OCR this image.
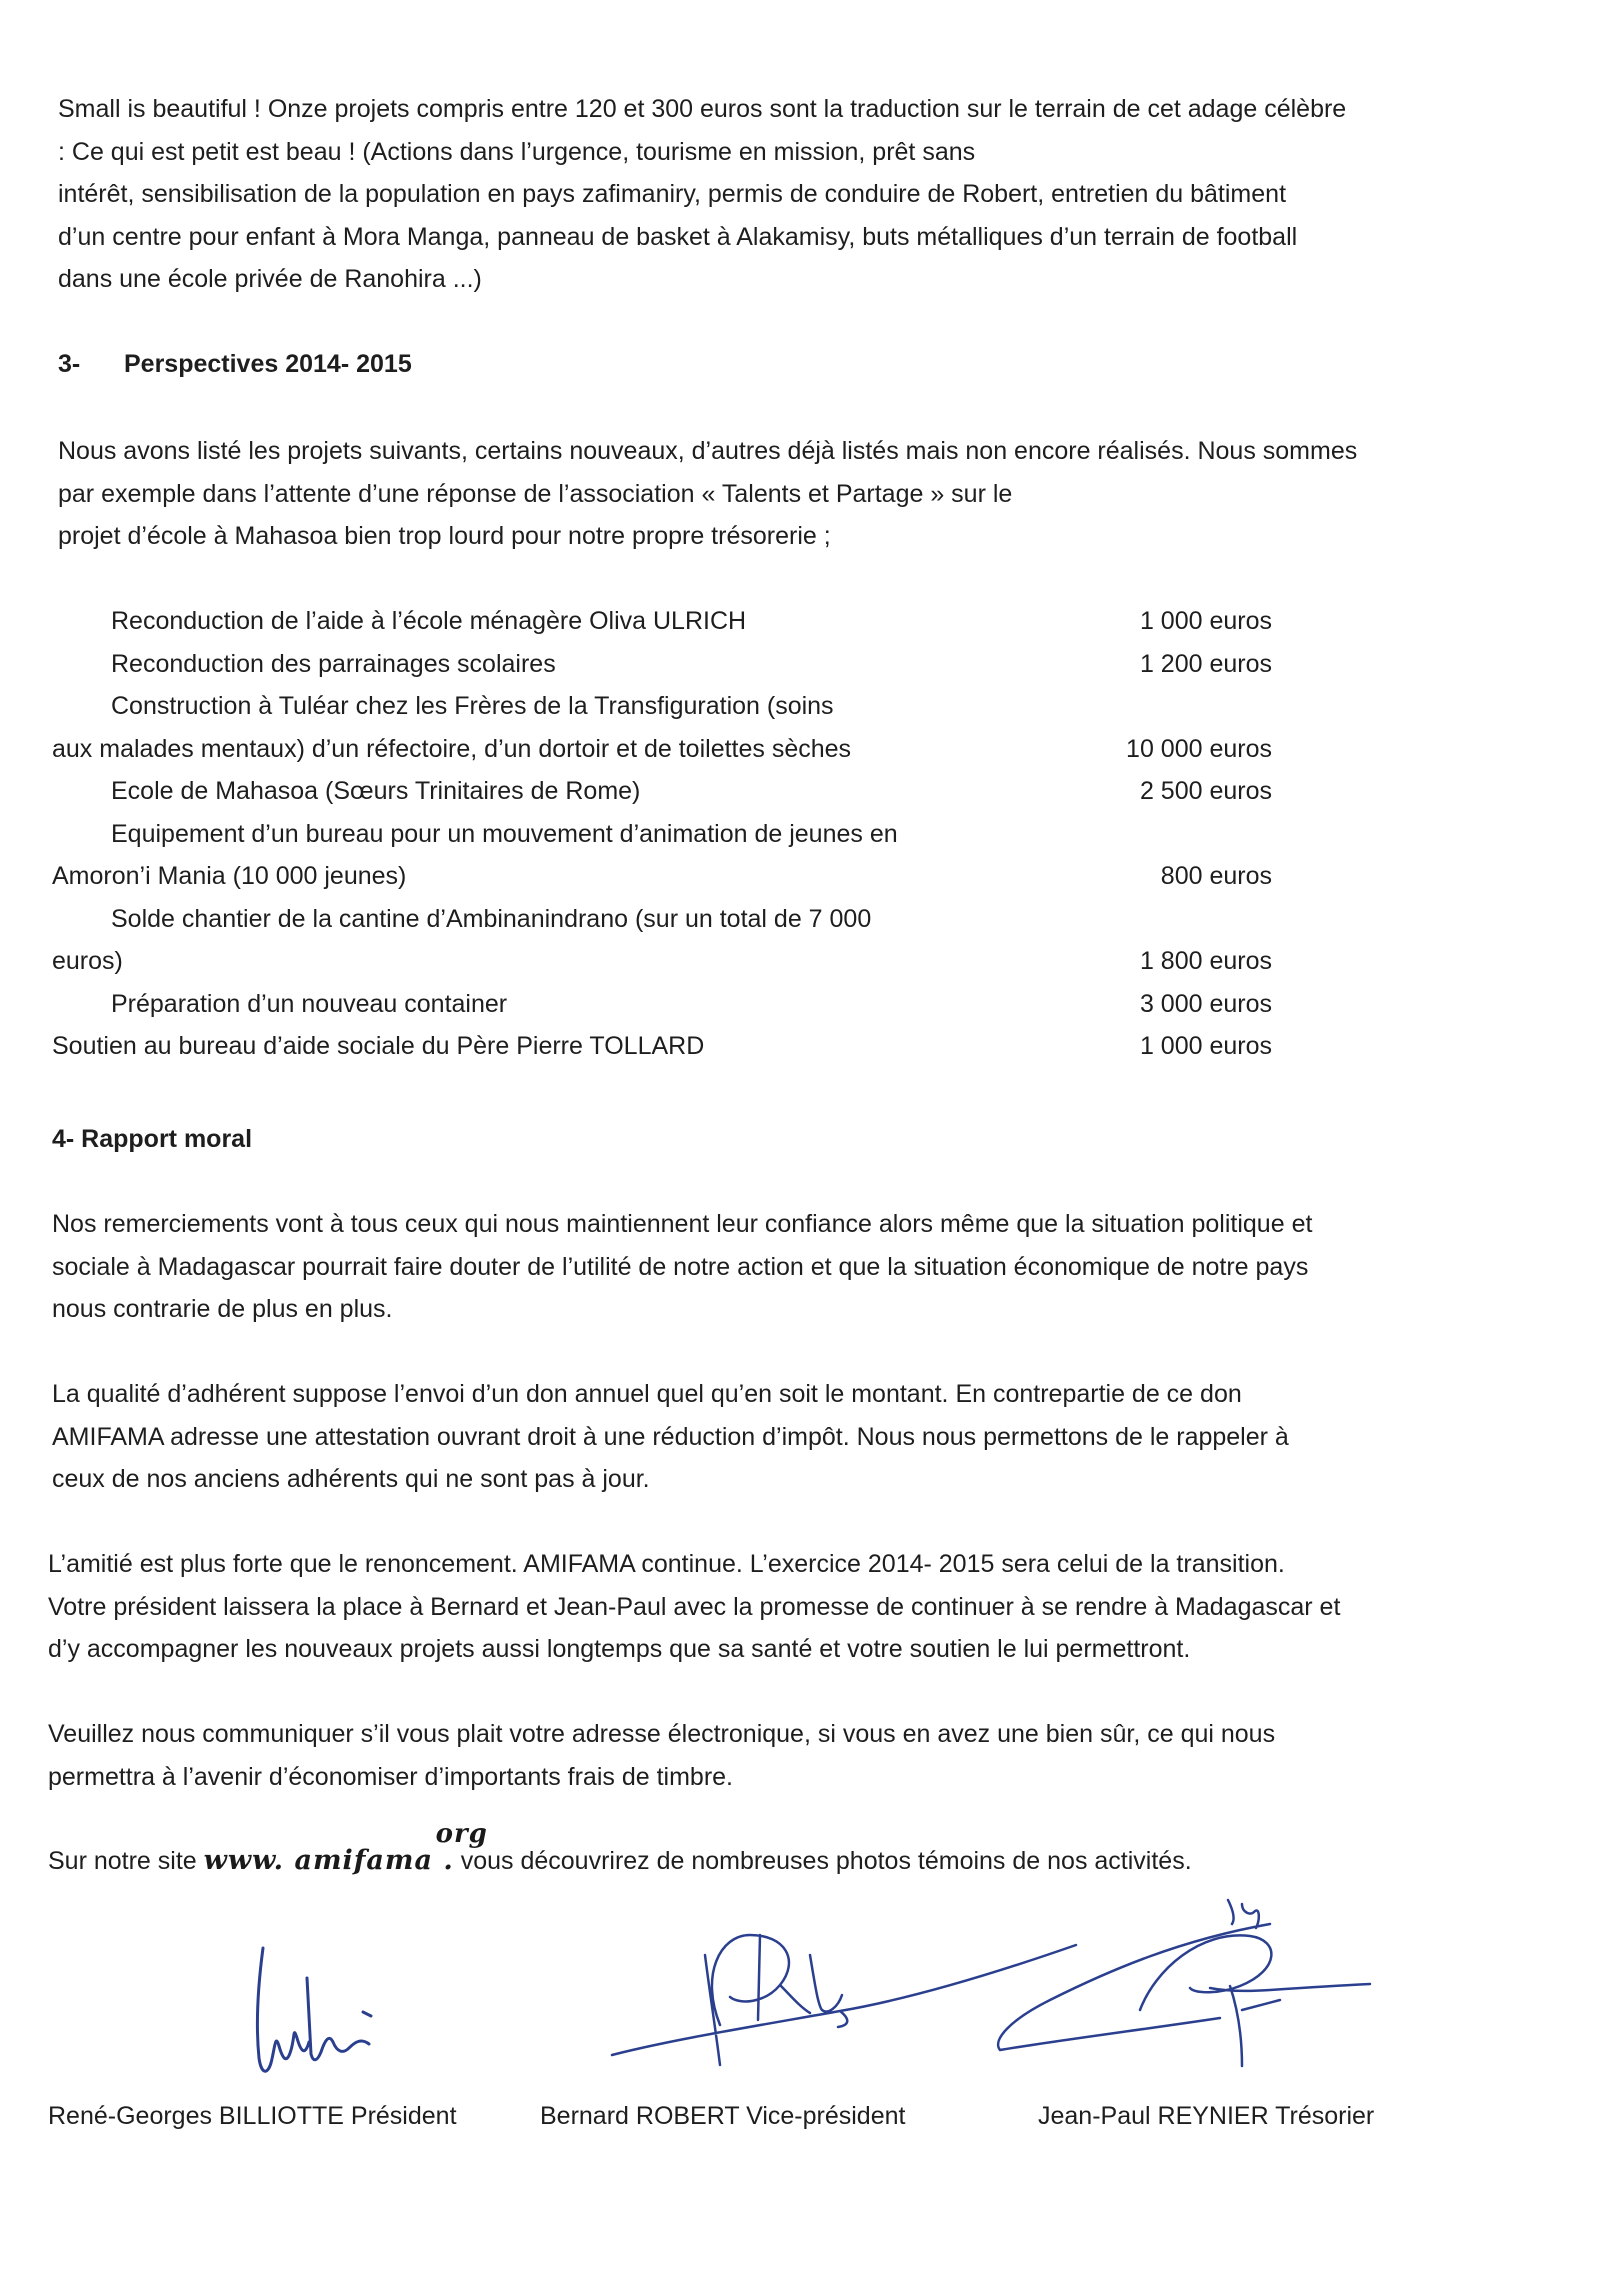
Small is beautiful ! Onze projets compris entre 120 et 300 euros sont la traduction sur le terrain de cet adage célèbre
: Ce qui est petit est beau ! (Actions dans l’urgence, tourisme en mission, prêt sans
intérêt, sensibilisation de la population en pays zafimaniry, permis de conduire de Robert, entretien du bâtiment
d’un centre pour enfant à Mora Manga, panneau de basket à Alakamisy, buts métalliques d’un terrain de football
dans une école privée de Ranohira ...)
3- Perspectives 2014- 2015
Nous avons listé les projets suivants, certains nouveaux, d’autres déjà listés mais non encore réalisés. Nous sommes
par exemple dans l’attente d’une réponse de l’association « Talents et Partage » sur le
projet d’école à Mahasoa bien trop lourd pour notre propre trésorerie ;
Reconduction de l’aide à l’école ménagère Oliva ULRICH	1 000 euros
Reconduction des parrainages scolaires	1 200 euros
Construction à Tuléar chez les Frères de la Transfiguration (soins
aux malades mentaux) d’un réfectoire, d’un dortoir et de toilettes sèches	10 000 euros
Ecole de Mahasoa (Sœurs Trinitaires de Rome)	2 500 euros
Equipement d’un bureau pour un mouvement d’animation de jeunes en
Amoron’i Mania (10 000 jeunes)	800 euros
Solde chantier de la cantine d’Ambinanindrano (sur un total de 7 000
euros)	1 800 euros
Préparation d’un nouveau container	3 000 euros
Soutien au bureau d’aide sociale du Père Pierre TOLLARD	1 000 euros
4- Rapport moral
Nos remerciements vont à tous ceux qui nous maintiennent leur confiance alors même que la situation politique et
sociale à Madagascar pourrait faire douter de l’utilité de notre action et que la situation économique de notre pays
nous contrarie de plus en plus.
La qualité d’adhérent suppose l’envoi d’un don annuel quel qu’en soit le montant. En contrepartie de ce don
AMIFAMA adresse une attestation ouvrant droit à une réduction d’impôt. Nous nous permettons de le rappeler à
ceux de nos anciens adhérents qui ne sont pas à jour.
L’amitié est plus forte que le renoncement. AMIFAMA continue. L’exercice 2014- 2015 sera celui de la transition.
Votre président laissera la place à Bernard et Jean-Paul avec la promesse de continuer à se rendre à Madagascar et
d’y accompagner les nouveaux projets aussi longtemps que sa santé et votre soutien le lui permettront.
Veuillez nous communiquer s’il vous plait votre adresse électronique, si vous en avez une bien sûr, ce qui nous
permettra à l’avenir d’économiser d’importants frais de timbre.
Sur notre site www. amifama .
org
vous découvrirez de nombreuses photos témoins de nos activités.
René-Georges BILLIOTTE Président	Bernard ROBERT Vice-président	Jean-Paul REYNIER Trésorier
